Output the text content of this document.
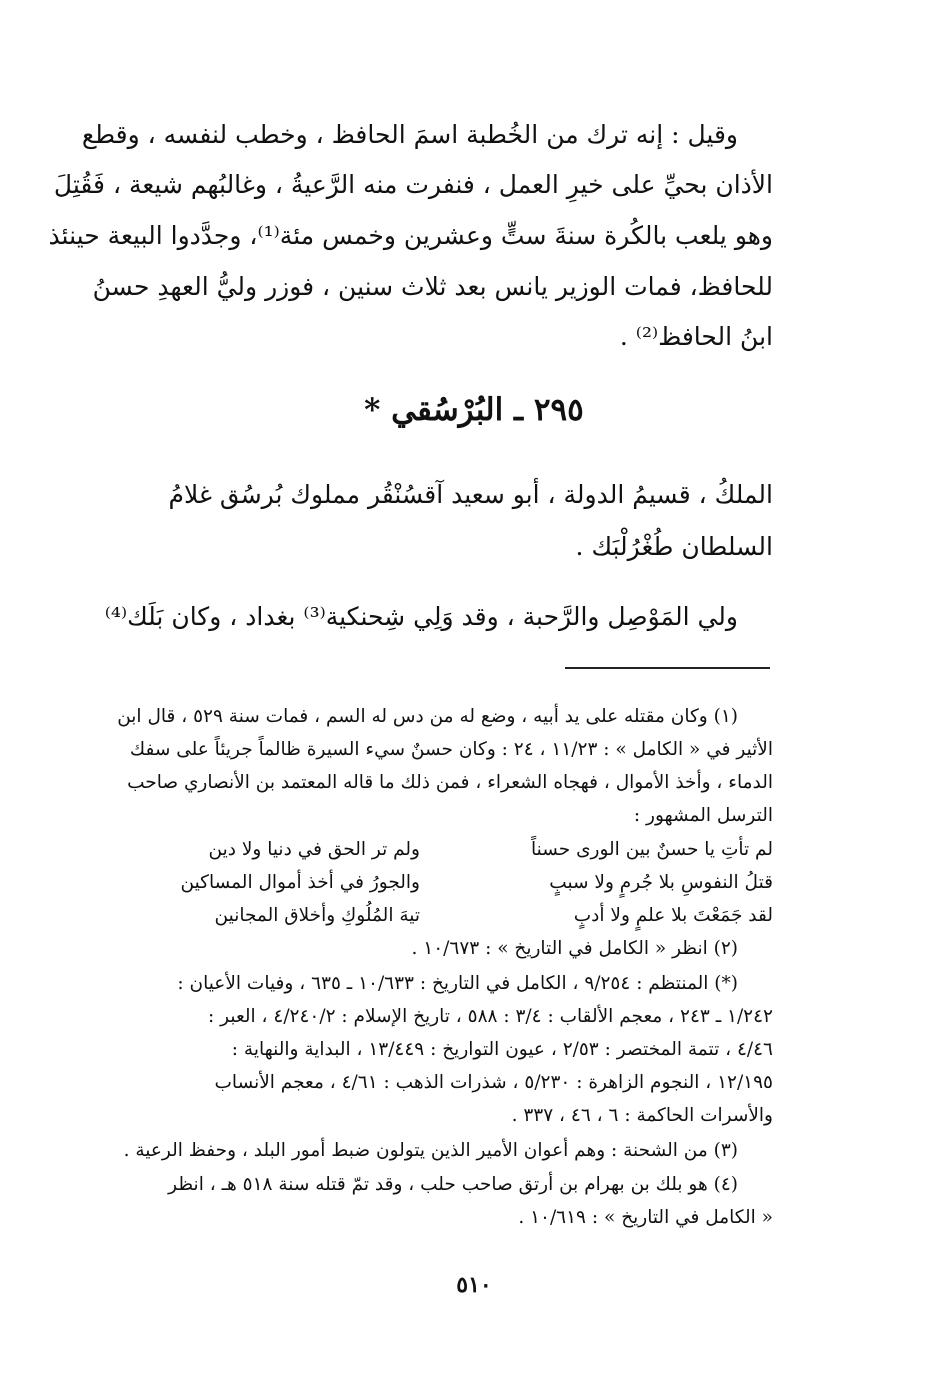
وقيل : إنه ترك من الخُطبة اسمَ الحافظ ، وخطب لنفسه ، وقطع
الأذان بحيِّ على خيرِ العمل ، فنفرت منه الرَّعيةُ ، وغالبُهم شيعة ، فَقُتِلَ
وهو يلعب بالكُرة سنةَ ستٍّ وعشرين وخمس مئة⁽¹⁾، وجدَّدوا البيعة حينئذ
للحافظ، فمات الوزير يانس بعد ثلاث سنين ، فوزر وليُّ العهدِ حسنُ
ابنُ الحافظ⁽²⁾ .
٢٩٥ ـ البُرْسُقي *
الملكُ ، قسيمُ الدولة ، أبو سعيد آقسُنْقُر مملوك بُرسُق غلامُ
السلطان طُغْرُلْبَك .
ولي المَوْصِل والرَّحبة ، وقد وَلِي شِحنكية⁽³⁾ بغداد ، وكان بَلَك⁽⁴⁾
(١) وكان مقتله على يد أبيه ، وضع له من دس له السم ، فمات سنة ٥٢٩ ، قال ابن
الأثير في « الكامل » : ١١/٢٣ ، ٢٤ : وكان حسنٌ سيء السيرة ظالماً جريئاً على سفك
الدماء ، وأخذ الأموال ، فهجاه الشعراء ، فمن ذلك ما قاله المعتمد بن الأنصاري صاحب
الترسل المشهور :
لم تأتِ يا حسنٌ بين الورى حسناً
ولم تر الحق في دنيا ولا دين
قتلُ النفوسِ بلا جُرمٍ ولا سببٍ
والجورُ في أخذ أموال المساكين
لقد جَمَعْتَ بلا علمٍ ولا أدبٍ
تيهَ المُلُوكِ وأخلاق المجانين
(٢) انظر « الكامل في التاريخ » : ١٠/٦٧٣ .
(*) المنتظم : ٩/٢٥٤ ، الكامل في التاريخ : ١٠/٦٣٣ ـ ٦٣٥ ، وفيات الأعيان :
١/٢٤٢ ـ ٢٤٣ ، معجم الألقاب : ٣/٤ : ٥٨٨ ، تاريخ الإسلام : ٤/٢٤٠/٢ ، العبر :
٤/٤٦ ، تتمة المختصر : ٢/٥٣ ، عيون التواريخ : ١٣/٤٤٩ ، البداية والنهاية :
١٢/١٩٥ ، النجوم الزاهرة : ٥/٢٣٠ ، شذرات الذهب : ٤/٦١ ، معجم الأنساب
والأسرات الحاكمة : ٦ ، ٤٦ ، ٣٣٧ .
(٣) من الشحنة : وهم أعوان الأمير الذين يتولون ضبط أمور البلد ، وحفظ الرعية .
(٤) هو بلك بن بهرام بن أرتق صاحب حلب ، وقد تمّ قتله سنة ٥١٨ هـ ، انظر
« الكامل في التاريخ » : ١٠/٦١٩ .
٥١٠
